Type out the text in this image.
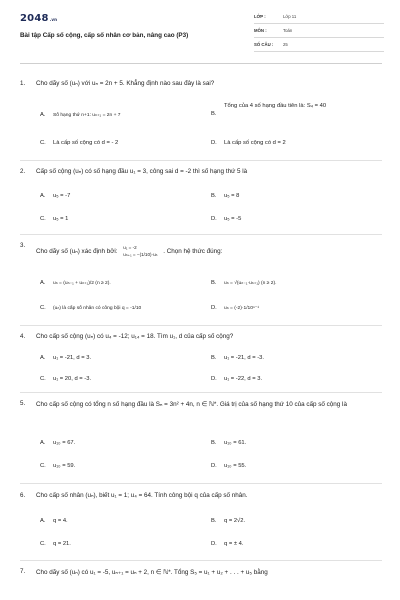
2048.vn
Bài tập Cấp số cộng, cấp số nhân cơ bản, nâng cao (P3)
LỚP :	Lớp 11
MÔN :	Toán
SỐ CÂU : 25
1. Cho dãy số (uₙ) với uₙ = 2n + 5. Khẳng định nào sau đây là sai?
A. Số hạng thứ n+1: uₙ₊₁ = 2n + 7	B.Tổng của 4 số hạng đầu tiên là: S₄ = 40
C. Là cấp số cộng có d = - 2	D. Là cấp số cộng có d = 2
2. Cấp số cộng (uₙ) có số hạng đầu u₁ = 3, công sai d = -2 thì số hạng thứ 5 là
A. u₅ = -7	B. u₅ = 8
C. u₅ = 1	D. u₅ = -5
3.
Cho dãy số (uₙ) xác định bởi:
u₁ = -2
uₙ₊₁ = −(1/10)·uₙ . Chọn hệ thức đúng:
A. uₙ = (uₙ₋₁ + uₙ₊₁)/2 (n ≥ 2).	B. uₙ = √(uₙ₋₁·uₙ₊₁) (n ≥ 2).
C. (uₙ) là cấp số nhân có công bội q = -1/10	D. uₙ = (-2)·1/10ⁿ⁻¹
4. Cho cấp số cộng (uₙ) có u₄ = -12; u₁₄ = 18. Tìm u₁, d của cấp số cộng?
A. u₁ = -21, d = 3.	B. u₁ = -21, d = -3.
C. u₁ = 20, d = -3.	D. u₁ = -22, d = 3.
5. Cho cấp số cộng có tổng n số hạng đầu là Sₙ = 3n² + 4n, n ∈ ℕ*. Giá trị của số hạng thứ 10 của cấp số cộng là
A. u₁₀ = 67.	B. u₁₀ = 61.
C. u₁₀ = 59.	D. u₁₀ = 55.
6. Cho cấp số nhân (uₙ), biết u₁ = 1; u₄ = 64. Tính công bội q của cấp số nhân.
A. q = 4.	B. q = 2√2.
C. q = 21.	D. q = ± 4.
7. Cho dãy số (uₙ) có u₁ = -5, uₙ₊₁ = uₙ + 2, n ∈ ℕ*. Tổng S₅ = u₁ + u₂ + . . . + u₅ bằng
